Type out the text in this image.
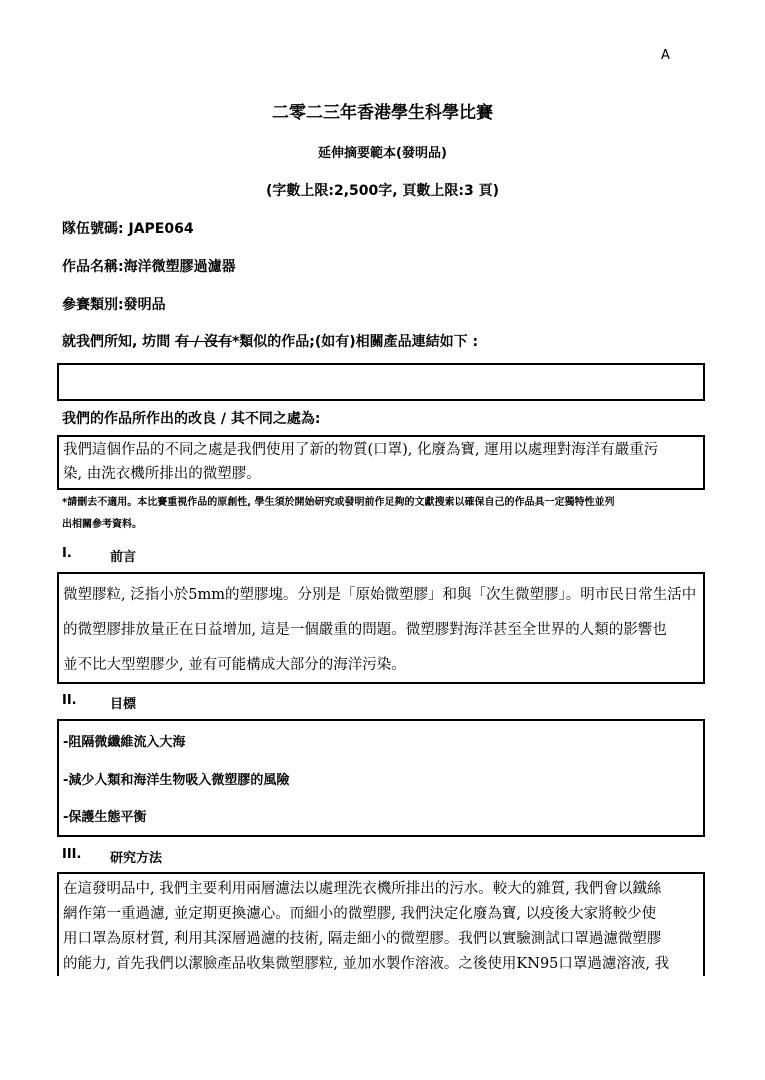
A
二零二三年香港學生科學比賽
延伸摘要範本(發明品)
(字數上限:2,500字, 頁數上限:3 頁)
隊伍號碼: JAPE064
作品名稱:海洋微塑膠過濾器
參賽類別:發明品
就我們所知, 坊間 有 / 沒有*類似的作品;(如有)相關產品連結如下 :
我們的作品所作出的改良 / 其不同之處為:
我們這個作品的不同之處是我們使用了新的物質(口罩), 化廢為寶, 運用以處理對海洋有嚴重污
染, 由洗衣機所排出的微塑膠。
*請刪去不適用。本比賽重視作品的原創性, 學生須於開始研究或發明前作足夠的文獻搜索以確保自己的作品具一定獨特性並列
出相關參考資料。
I.	前言
微塑膠粒, 泛指小於5mm的塑膠塊。分別是「原始微塑膠」和與「次生微塑膠」。明市民日常生活中
的微塑膠排放量正在日益增加, 這是一個嚴重的問題。微塑膠對海洋甚至全世界的人類的影響也
並不比大型塑膠少, 並有可能構成大部分的海洋污染。
II.	目標
-阻隔微纖維流入大海
-減少人類和海洋生物吸入微塑膠的風險
-保護生態平衡
III. 研究方法
在這發明品中, 我們主要利用兩層濾法以處理洗衣機所排出的污水。較大的雜質, 我們會以鐵絲
網作第一重過濾, 並定期更換濾心。而細小的微塑膠, 我們決定化廢為寶, 以疫後大家將較少使
用口罩為原材質, 利用其深層過濾的技術, 隔走細小的微塑膠。我們以實驗測試口罩過濾微塑膠
的能力, 首先我們以潔臉產品收集微塑膠粒, 並加水製作溶液。之後使用KN95口罩過濾溶液, 我
